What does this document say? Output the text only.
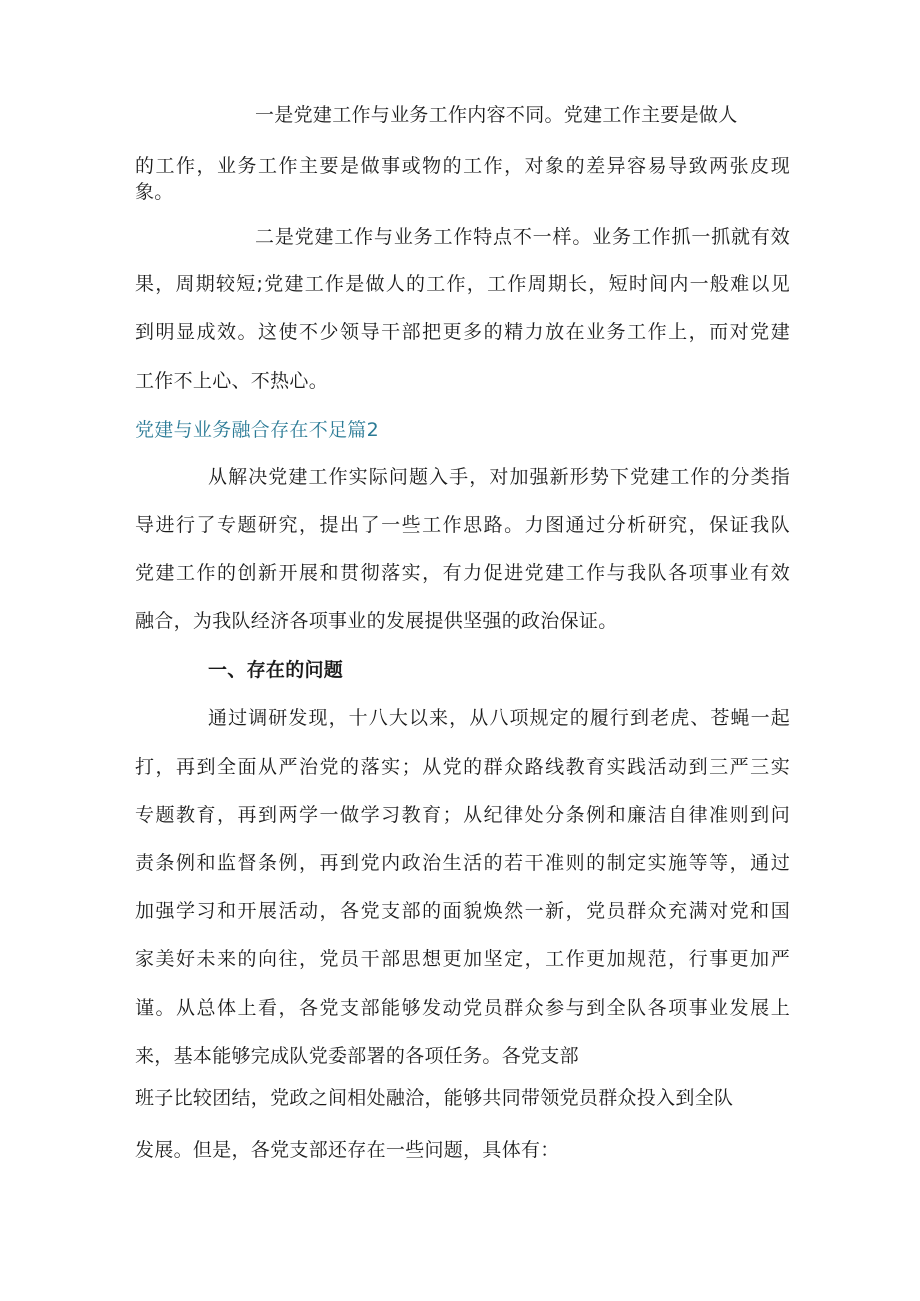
一是党建工作与业务工作内容不同。党建工作主要是做人
的工作，业务工作主要是做事或物的工作，对象的差异容易导致两张皮现
象。
二是党建工作与业务工作特点不一样。业务工作抓一抓就有效
果，周期较短;党建工作是做人的工作，工作周期长，短时间内一般难以见
到明显成效。这使不少领导干部把更多的精力放在业务工作上，而对党建
工作不上心、不热心。
党建与业务融合存在不足篇2
从解决党建工作实际问题入手，对加强新形势下党建工作的分类指
导进行了专题研究，提出了一些工作思路。力图通过分析研究，保证我队
党建工作的创新开展和贯彻落实，有力促进党建工作与我队各项事业有效
融合，为我队经济各项事业的发展提供坚强的政治保证。
一、存在的问题
通过调研发现，十八大以来，从八项规定的履行到老虎、苍蝇一起
打，再到全面从严治党的落实；从党的群众路线教育实践活动到三严三实
专题教育，再到两学一做学习教育；从纪律处分条例和廉洁自律准则到问
责条例和监督条例，再到党内政治生活的若干准则的制定实施等等，通过
加强学习和开展活动，各党支部的面貌焕然一新，党员群众充满对党和国
家美好未来的向往，党员干部思想更加坚定，工作更加规范，行事更加严
谨。从总体上看，各党支部能够发动党员群众参与到全队各项事业发展上
来，基本能够完成队党委部署的各项任务。各党支部
班子比较团结，党政之间相处融洽，能够共同带领党员群众投入到全队
发展。但是，各党支部还存在一些问题，具体有：
